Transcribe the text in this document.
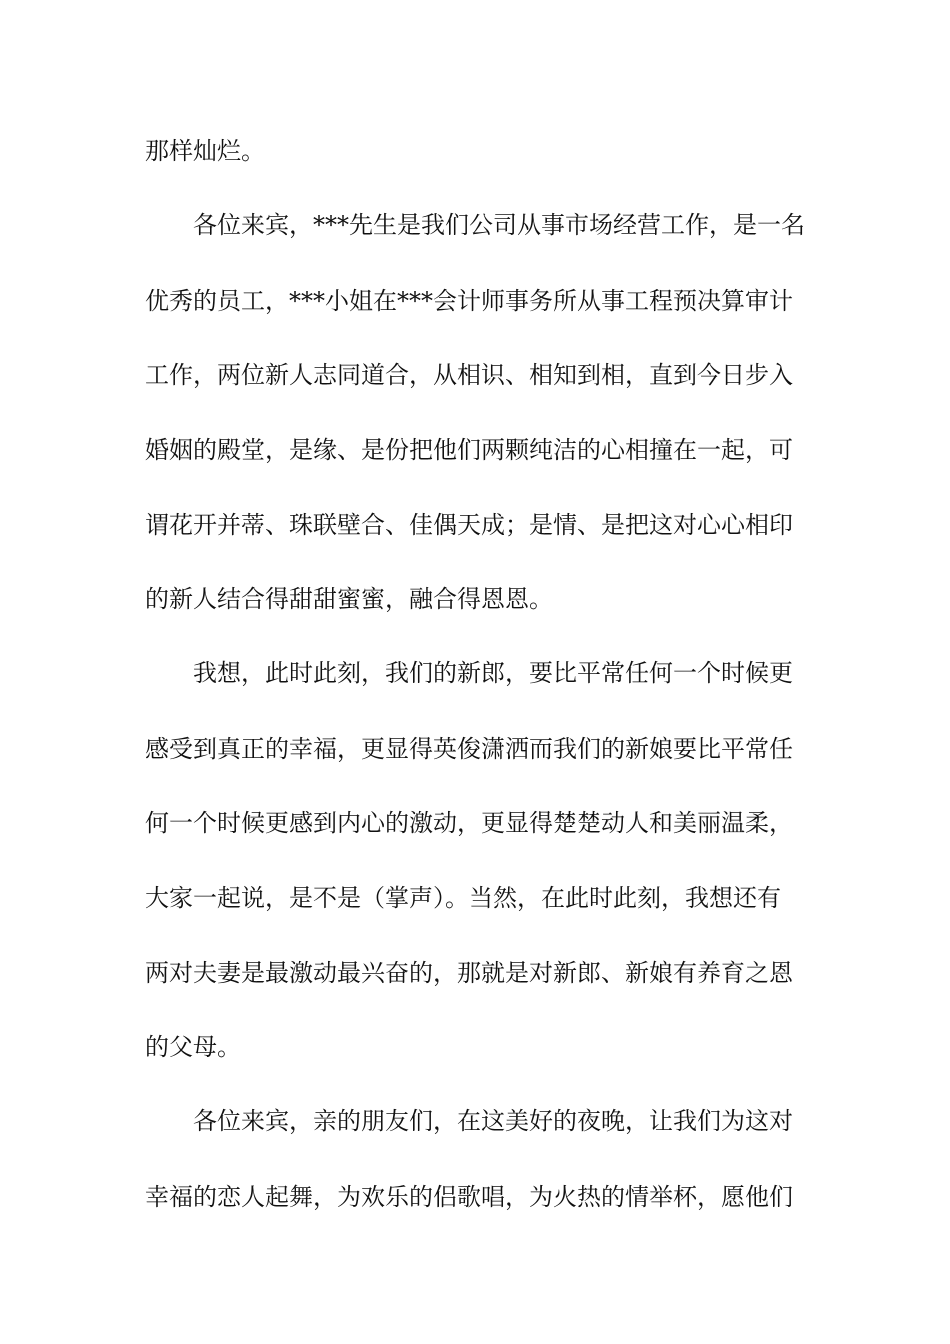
那样灿烂。
各位来宾，***先生是我们公司从事市场经营工作，是一名
优秀的员工，***小姐在***会计师事务所从事工程预决算审计
工作，两位新人志同道合，从相识、相知到相，直到今日步入
婚姻的殿堂，是缘、是份把他们两颗纯洁的心相撞在一起，可
谓花开并蒂、珠联壁合、佳偶天成；是情、是把这对心心相印
的新人结合得甜甜蜜蜜，融合得恩恩。
我想，此时此刻，我们的新郎，要比平常任何一个时候更
感受到真正的幸福，更显得英俊潇洒而我们的新娘要比平常任
何一个时候更感到内心的激动，更显得楚楚动人和美丽温柔，
大家一起说，是不是（掌声）。当然，在此时此刻，我想还有
两对夫妻是最激动最兴奋的，那就是对新郎、新娘有养育之恩
的父母。
各位来宾，亲的朋友们，在这美好的夜晚，让我们为这对
幸福的恋人起舞，为欢乐的侣歌唱，为火热的情举杯，愿他们
